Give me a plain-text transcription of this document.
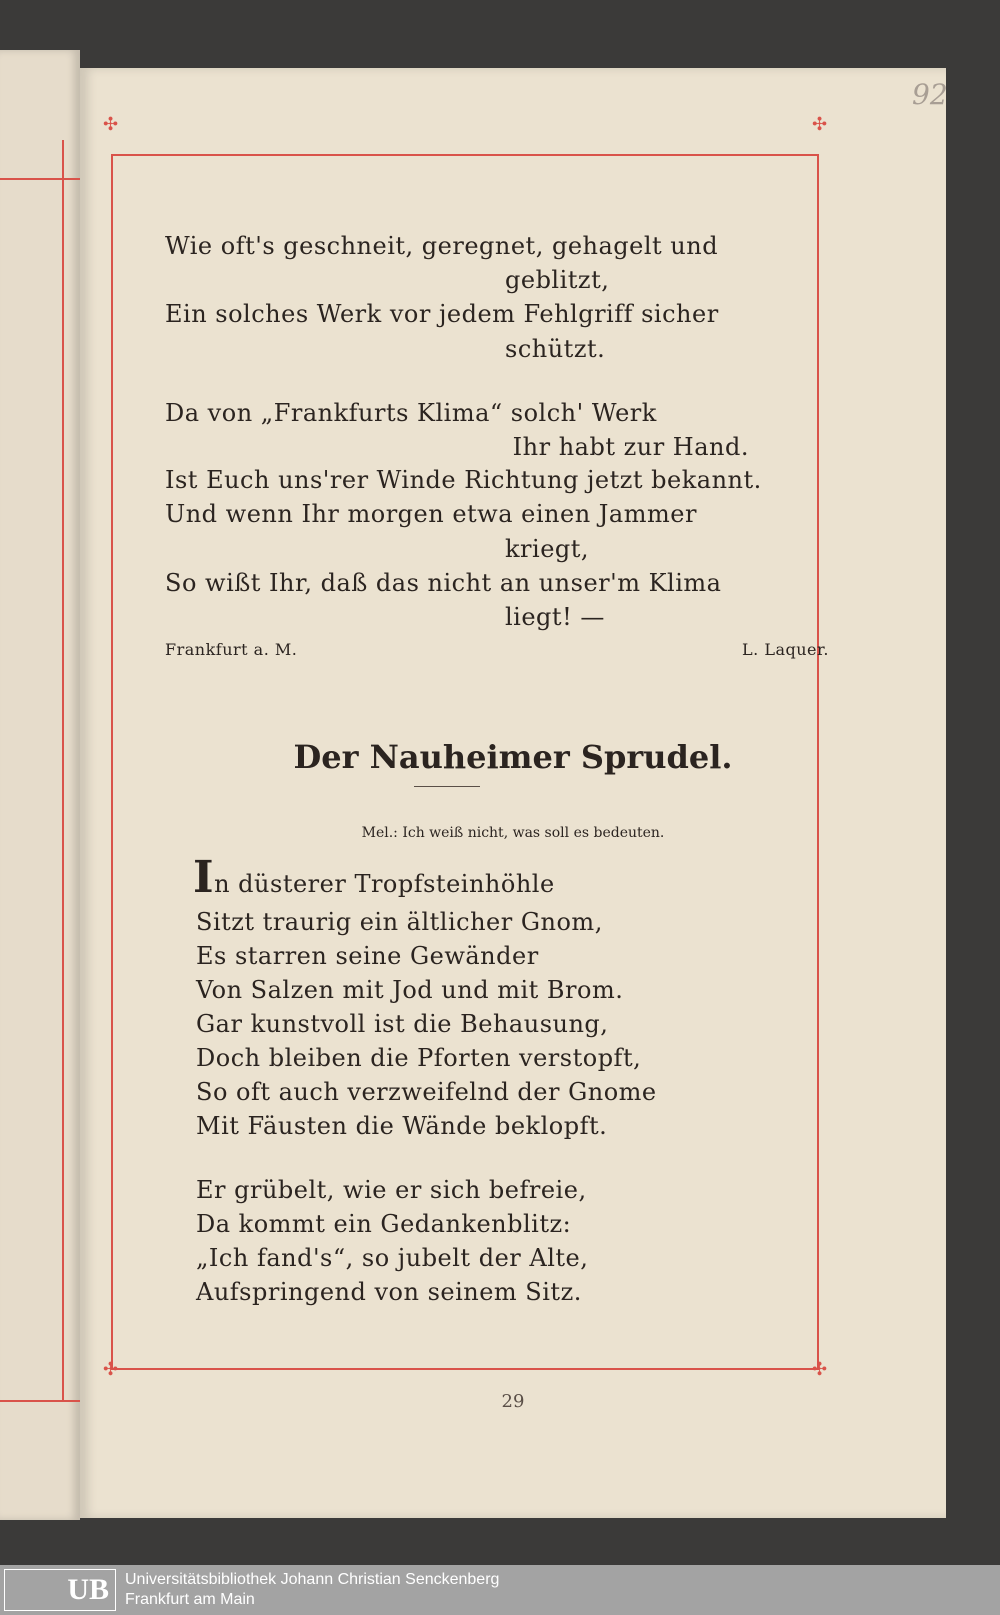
92
✣	✣
✣	✣
Wie oft's geschneit, geregnet, gehagelt und
geblitzt,
Ein solches Werk vor jedem Fehlgriff sicher
schützt.
Da von „Frankfurts Klima“ solch' Werk
Ihr habt zur Hand.
Ist Euch uns'rer Winde Richtung jetzt bekannt.
Und wenn Ihr morgen etwa einen Jammer
kriegt,
So wißt Ihr, daß das nicht an unser'm Klima
liegt! —
Frankfurt a. M.	L. Laquer.
Der Nauheimer Sprudel.
Mel.: Ich weiß nicht, was soll es bedeuten.
In düsterer Tropfsteinhöhle
Sitzt traurig ein ältlicher Gnom,
Es starren seine Gewänder
Von Salzen mit Jod und mit Brom.
Gar kunstvoll ist die Behausung,
Doch bleiben die Pforten verstopft,
So oft auch verzweifelnd der Gnome
Mit Fäusten die Wände beklopft.
Er grübelt, wie er sich befreie,
Da kommt ein Gedankenblitz:
„Ich fand's“, so jubelt der Alte,
Aufspringend von seinem Sitz.
29
UB Universitätsbibliothek Johann Christian Senckenberg
Frankfurt am Main
